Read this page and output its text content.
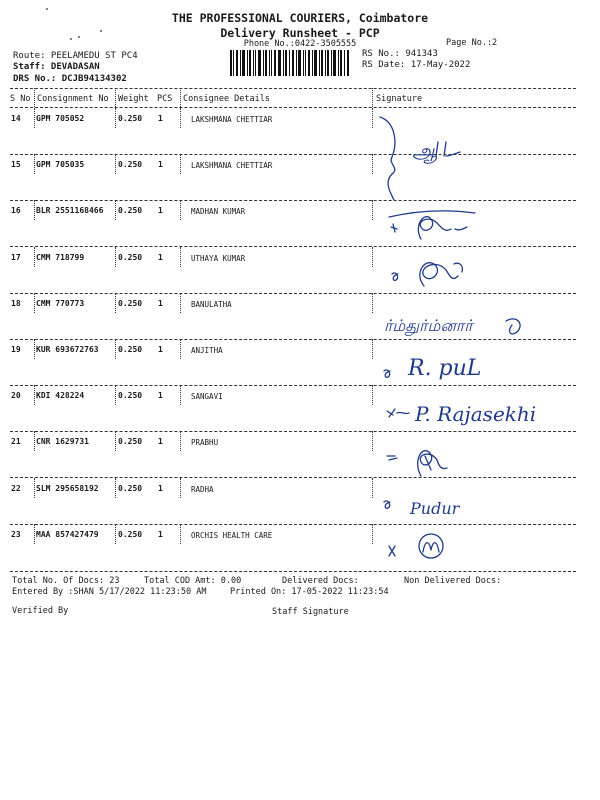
THE PROFESSIONAL COURIERS, Coimbatore
Delivery Runsheet - PCP
Phone No.:0422-3505555	Page No.:2
Route: PEELAMEDU ST PC4
Staff: DEVADASAN
DRS No.: DCJB94134302
RS No.: 941343
RS Date: 17-May-2022
S No Consignment No Weight PCS Consignee Details	Signature
14 GPM 705052	0.250 1	LAKSHMANA CHETTIAR
15 GPM 705035	0.250 1	LAKSHMANA CHETTIAR
16 BLR 2551168466 0.250 1	MADHAN KUMAR
17 CMM 718799	0.250 1	UTHAYA KUMAR
18 CMM 770773	0.250 1	BANULATHA
19 KUR 693672763 0.250 1	ANJITHA
20 KDI 428224	0.250 1	SANGAVI
21 CNR 1629731	0.250 1	PRABHU
22 SLM 295658192 0.250 1	RADHA
23 MAA 857427479 0.250 1	ORCHIS HEALTH CARE
ஆ
ர்ம்துர்ம்னார்
R. puL
P. Rajasekhi
Pudur
Total No. Of Docs: 23	Total COD Amt: 0.00	Delivered Docs:	Non Delivered Docs:
Entered By :SHAN 5/17/2022 11:23:50 AM	Printed On: 17-05-2022 11:23:54
Verified By	Staff Signature
